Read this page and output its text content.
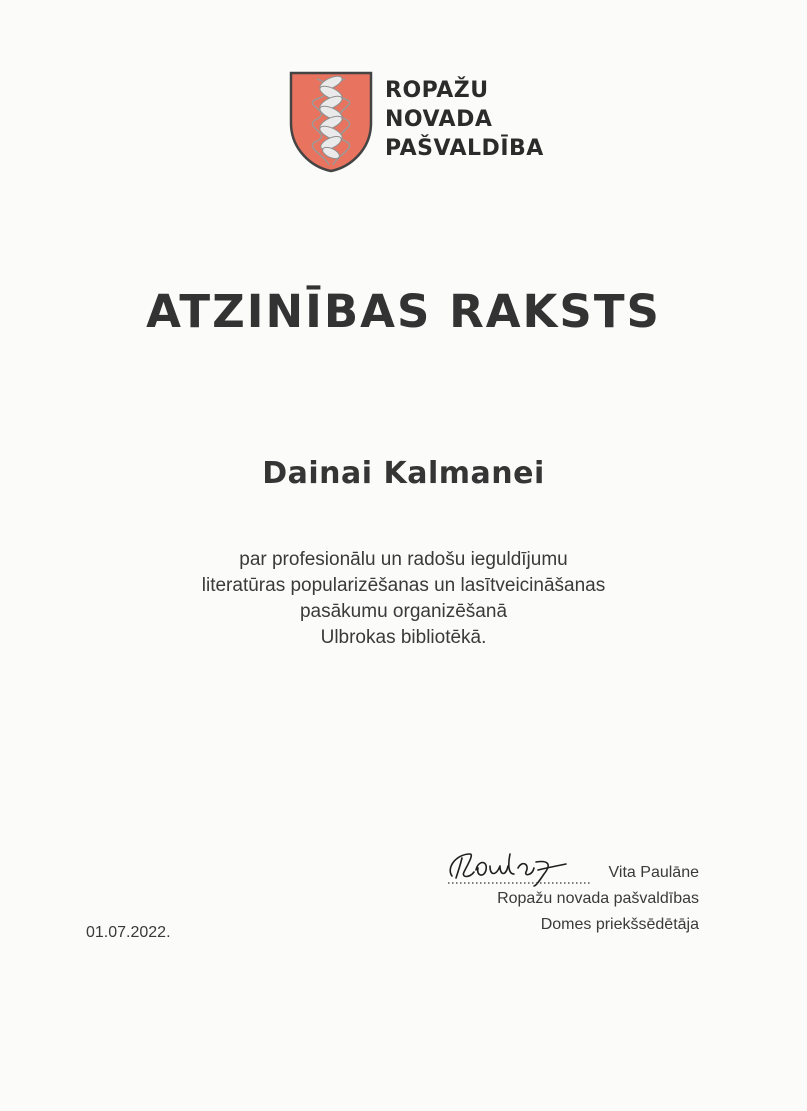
ROPAŽU
NOVADA
PAŠVALDĪBA
ATZINĪBAS RAKSTS
Dainai Kalmanei
par profesionālu un radošu ieguldījumu
literatūras popularizēšanas un lasītveicināšanas
pasākumu organizēšanā
Ulbrokas bibliotēkā.
01.07.2022.
Vita Paulāne
Ropažu novada pašvaldības
Domes priekšsēdētāja
